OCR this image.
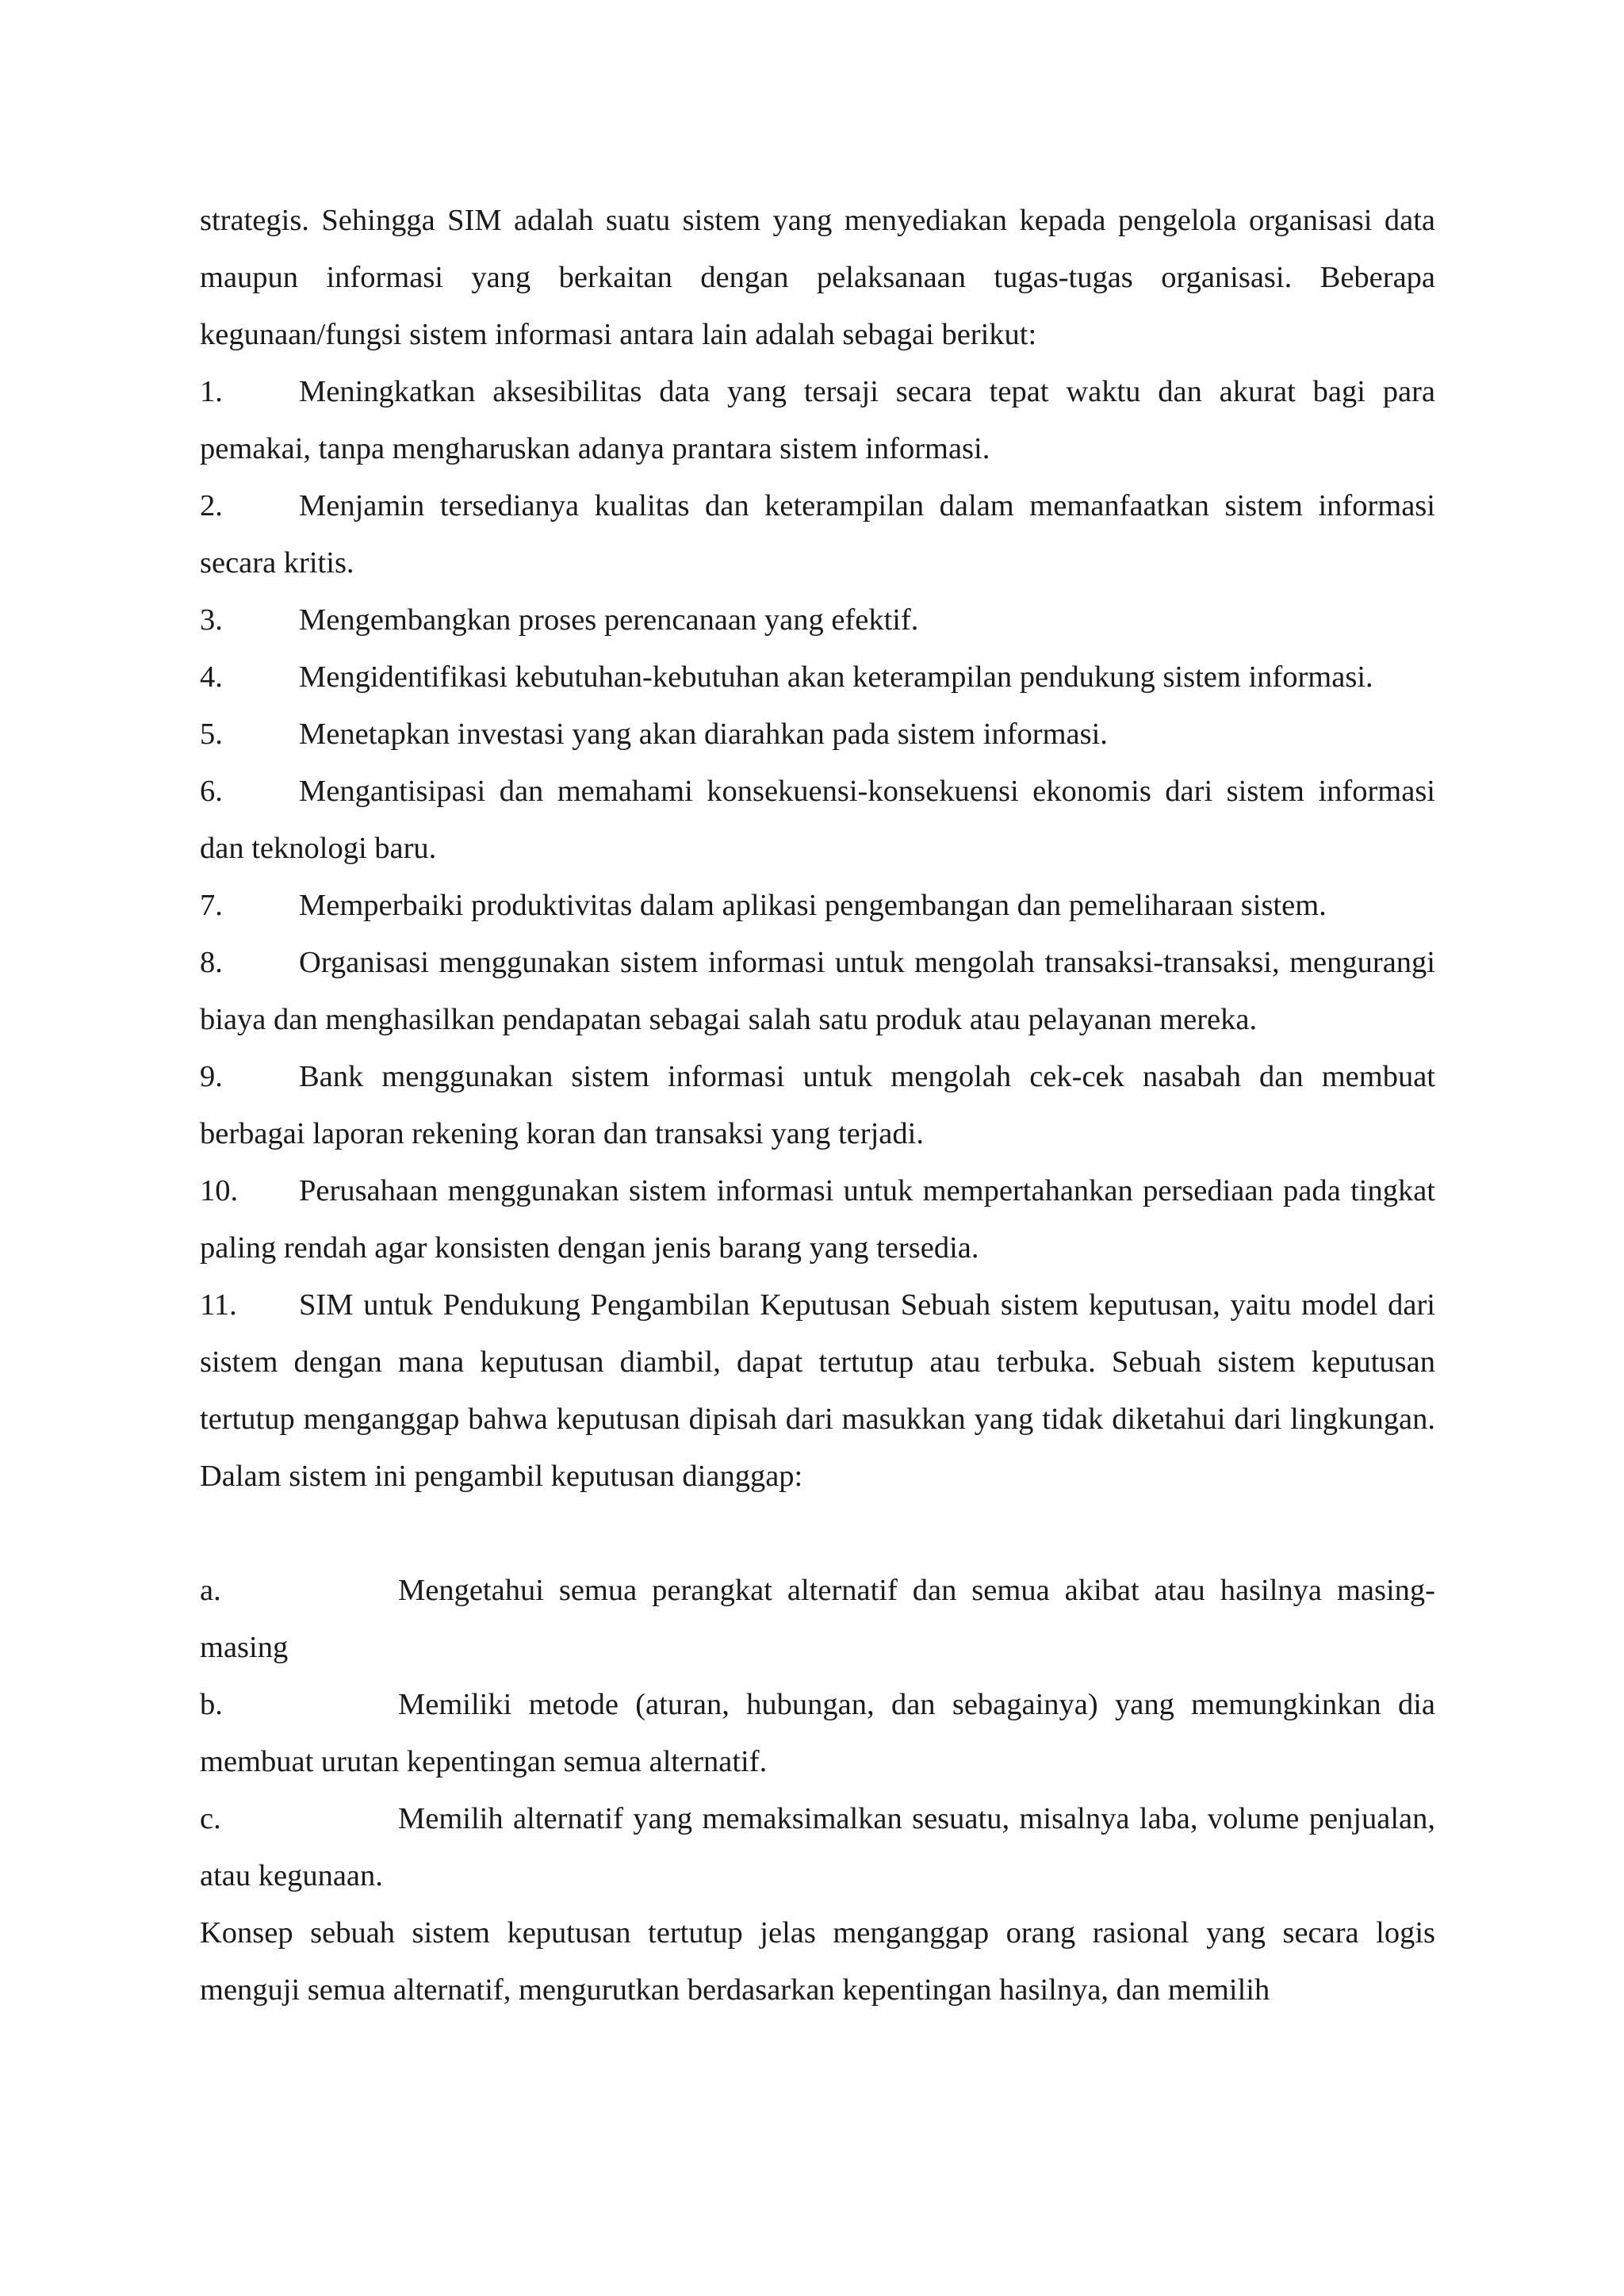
strategis. Sehingga SIM adalah suatu sistem yang menyediakan kepada pengelola organisasi data maupun informasi yang berkaitan dengan pelaksanaan tugas-tugas organisasi. Beberapa kegunaan/fungsi sistem informasi antara lain adalah sebagai berikut:

1. Meningkatkan aksesibilitas data yang tersaji secara tepat waktu dan akurat bagi para pemakai, tanpa mengharuskan adanya prantara sistem informasi.

2. Menjamin tersedianya kualitas dan keterampilan dalam memanfaatkan sistem informasi secara kritis.

3. Mengembangkan proses perencanaan yang efektif.

4. Mengidentifikasi kebutuhan-kebutuhan akan keterampilan pendukung sistem informasi.

5. Menetapkan investasi yang akan diarahkan pada sistem informasi.

6. Mengantisipasi dan memahami konsekuensi-konsekuensi ekonomis dari sistem informasi dan teknologi baru.

7. Memperbaiki produktivitas dalam aplikasi pengembangan dan pemeliharaan sistem.

8. Organisasi menggunakan sistem informasi untuk mengolah transaksi-transaksi, mengurangi biaya dan menghasilkan pendapatan sebagai salah satu produk atau pelayanan mereka.

9. Bank menggunakan sistem informasi untuk mengolah cek-cek nasabah dan membuat berbagai laporan rekening koran dan transaksi yang terjadi.

10. Perusahaan menggunakan sistem informasi untuk mempertahankan persediaan pada tingkat paling rendah agar konsisten dengan jenis barang yang tersedia.

11. SIM untuk Pendukung Pengambilan Keputusan Sebuah sistem keputusan, yaitu model dari sistem dengan mana keputusan diambil, dapat tertutup atau terbuka. Sebuah sistem keputusan tertutup menganggap bahwa keputusan dipisah dari masukkan yang tidak diketahui dari lingkungan. Dalam sistem ini pengambil keputusan dianggap:

a.	Mengetahui semua perangkat alternatif dan semua akibat atau hasilnya masing-masing

b.	Memiliki metode (aturan, hubungan, dan sebagainya) yang memungkinkan dia membuat urutan kepentingan semua alternatif.

c.	Memilih alternatif yang memaksimalkan sesuatu, misalnya laba, volume penjualan, atau kegunaan.

Konsep sebuah sistem keputusan tertutup jelas menganggap orang rasional yang secara logis menguji semua alternatif, mengurutkan berdasarkan kepentingan hasilnya, dan memilih
